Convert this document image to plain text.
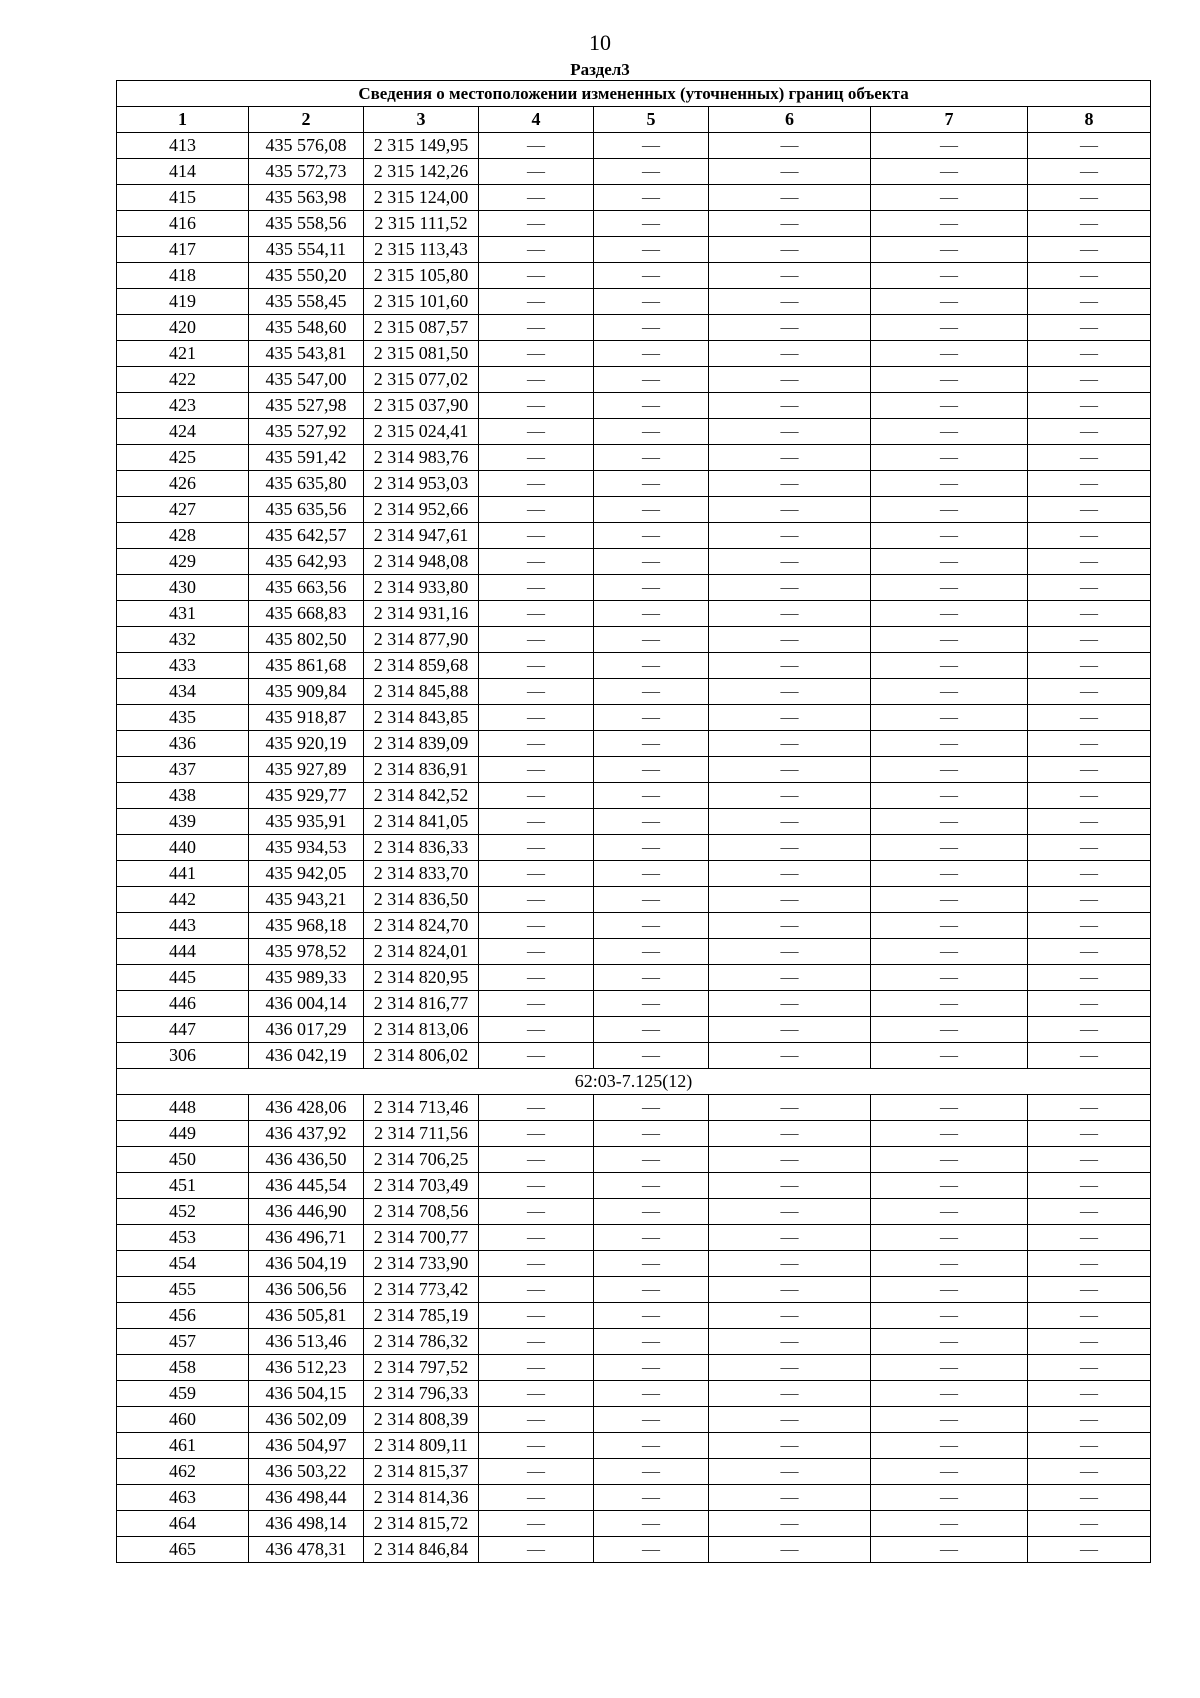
10
Раздел3
Сведения о местоположении измененных (уточненных) границ объекта							
1	2	3	4	5	6	7	8
413	435 576,08	2 315 149,95	—	—	—	—	—
414	435 572,73	2 315 142,26	—	—	—	—	—
415	435 563,98	2 315 124,00	—	—	—	—	—
416	435 558,56	2 315 111,52	—	—	—	—	—
417	435 554,11	2 315 113,43	—	—	—	—	—
418	435 550,20	2 315 105,80	—	—	—	—	—
419	435 558,45	2 315 101,60	—	—	—	—	—
420	435 548,60	2 315 087,57	—	—	—	—	—
421	435 543,81	2 315 081,50	—	—	—	—	—
422	435 547,00	2 315 077,02	—	—	—	—	—
423	435 527,98	2 315 037,90	—	—	—	—	—
424	435 527,92	2 315 024,41	—	—	—	—	—
425	435 591,42	2 314 983,76	—	—	—	—	—
426	435 635,80	2 314 953,03	—	—	—	—	—
427	435 635,56	2 314 952,66	—	—	—	—	—
428	435 642,57	2 314 947,61	—	—	—	—	—
429	435 642,93	2 314 948,08	—	—	—	—	—
430	435 663,56	2 314 933,80	—	—	—	—	—
431	435 668,83	2 314 931,16	—	—	—	—	—
432	435 802,50	2 314 877,90	—	—	—	—	—
433	435 861,68	2 314 859,68	—	—	—	—	—
434	435 909,84	2 314 845,88	—	—	—	—	—
435	435 918,87	2 314 843,85	—	—	—	—	—
436	435 920,19	2 314 839,09	—	—	—	—	—
437	435 927,89	2 314 836,91	—	—	—	—	—
438	435 929,77	2 314 842,52	—	—	—	—	—
439	435 935,91	2 314 841,05	—	—	—	—	—
440	435 934,53	2 314 836,33	—	—	—	—	—
441	435 942,05	2 314 833,70	—	—	—	—	—
442	435 943,21	2 314 836,50	—	—	—	—	—
443	435 968,18	2 314 824,70	—	—	—	—	—
444	435 978,52	2 314 824,01	—	—	—	—	—
445	435 989,33	2 314 820,95	—	—	—	—	—
446	436 004,14	2 314 816,77	—	—	—	—	—
447	436 017,29	2 314 813,06	—	—	—	—	—
306	436 042,19	2 314 806,02	—	—	—	—	—
62:03-7.125(12)							
448	436 428,06	2 314 713,46	—	—	—	—	—
449	436 437,92	2 314 711,56	—	—	—	—	—
450	436 436,50	2 314 706,25	—	—	—	—	—
451	436 445,54	2 314 703,49	—	—	—	—	—
452	436 446,90	2 314 708,56	—	—	—	—	—
453	436 496,71	2 314 700,77	—	—	—	—	—
454	436 504,19	2 314 733,90	—	—	—	—	—
455	436 506,56	2 314 773,42	—	—	—	—	—
456	436 505,81	2 314 785,19	—	—	—	—	—
457	436 513,46	2 314 786,32	—	—	—	—	—
458	436 512,23	2 314 797,52	—	—	—	—	—
459	436 504,15	2 314 796,33	—	—	—	—	—
460	436 502,09	2 314 808,39	—	—	—	—	—
461	436 504,97	2 314 809,11	—	—	—	—	—
462	436 503,22	2 314 815,37	—	—	—	—	—
463	436 498,44	2 314 814,36	—	—	—	—	—
464	436 498,14	2 314 815,72	—	—	—	—	—
465	436 478,31	2 314 846,84	—	—	—	—	—
